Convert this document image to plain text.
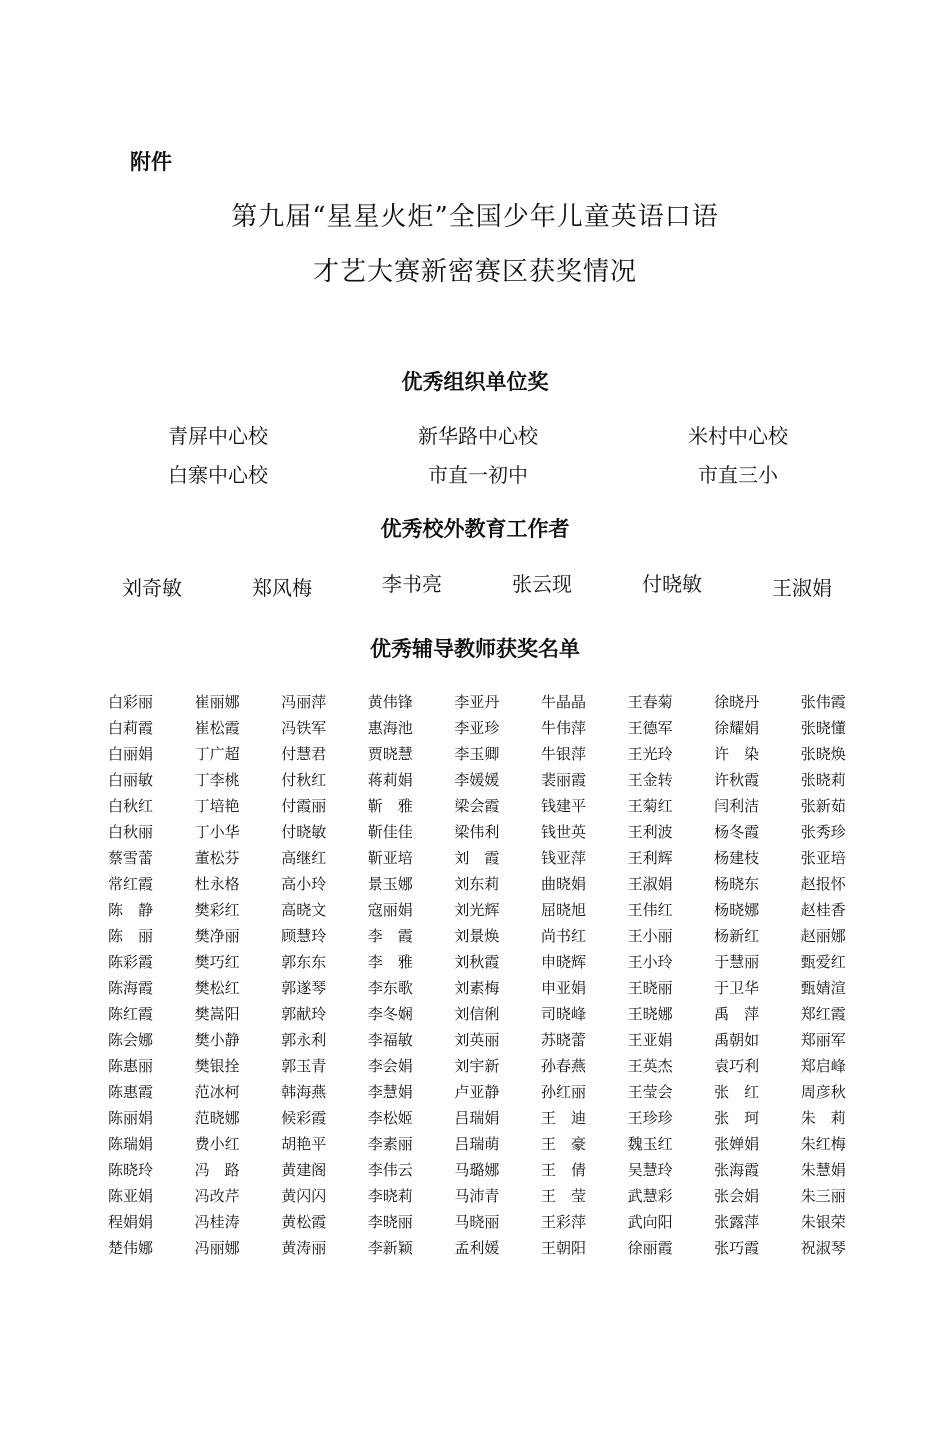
附件
第九届“星星火炬”全国少年儿童英语口语
才艺大赛新密赛区获奖情况
优秀组织单位奖
青屏中心校	新华路中心校	米村中心校
白寨中心校	市直一初中	市直三小
优秀校外教育工作者
刘奇敏	郑风梅	李书亮	张云现	付晓敏	王淑娟
优秀辅导教师获奖名单
白彩丽	崔丽娜	冯丽萍	黄伟锋	李亚丹	牛晶晶	王春菊	徐晓丹	张伟霞
白莉霞	崔松霞	冯铁军	惠海池	李亚珍	牛伟萍	王德军	徐耀娟	张晓懂
白丽娟	丁广超	付慧君	贾晓慧	李玉卿	牛银萍	王光玲	许　染	张晓焕
白丽敏	丁李桃	付秋红	蒋莉娟	李媛媛	裴丽霞	王金转	许秋霞	张晓莉
白秋红	丁培艳	付霞丽	靳　雅	梁会霞	钱建平	王菊红	闫利洁	张新茹
白秋丽	丁小华	付晓敏	靳佳佳	梁伟利	钱世英	王利波	杨冬霞	张秀珍
蔡雪蕾	董松芬	高继红	靳亚培	刘　霞	钱亚萍	王利辉	杨建枝	张亚培
常红霞	杜永格	高小玲	景玉娜	刘东莉	曲晓娟	王淑娟	杨晓东	赵报怀
陈　静	樊彩红	高晓文	寇丽娟	刘光辉	屈晓旭	王伟红	杨晓娜	赵桂香
陈　丽	樊净丽	顾慧玲	李　霞	刘景焕	尚书红	王小丽	杨新红	赵丽娜
陈彩霞	樊巧红	郭东东	李　雅	刘秋霞	申晓辉	王小玲	于慧丽	甄爱红
陈海霞	樊松红	郭遂琴	李东歌	刘素梅	申亚娟	王晓丽	于卫华	甄婧渲
陈红霞	樊嵩阳	郭献玲	李冬娴	刘信俐	司晓峰	王晓娜	禹　萍	郑红霞
陈会娜	樊小静	郭永利	李福敏	刘英丽	苏晓蕾	王亚娟	禹朝如	郑丽军
陈惠丽	樊银拴	郭玉青	李会娟	刘宇新	孙春燕	王英杰	袁巧利	郑启峰
陈惠霞	范冰柯	韩海燕	李慧娟	卢亚静	孙红丽	王莹会	张　红	周彦秋
陈丽娟	范晓娜	候彩霞	李松姬	吕瑞娟	王　迪	王珍珍	张　珂	朱　莉
陈瑞娟	费小红	胡艳平	李素丽	吕瑞萌	王　豪	魏玉红	张婵娟	朱红梅
陈晓玲	冯　路	黄建阁	李伟云	马璐娜	王　倩	吴慧玲	张海霞	朱慧娟
陈亚娟	冯改芹	黄闪闪	李晓莉	马沛青	王　莹	武慧彩	张会娟	朱三丽
程娟娟	冯桂涛	黄松霞	李晓丽	马晓丽	王彩萍	武向阳	张露萍	朱银荣
楚伟娜	冯丽娜	黄涛丽	李新颖	孟利媛	王朝阳	徐丽霞	张巧霞	祝淑琴
